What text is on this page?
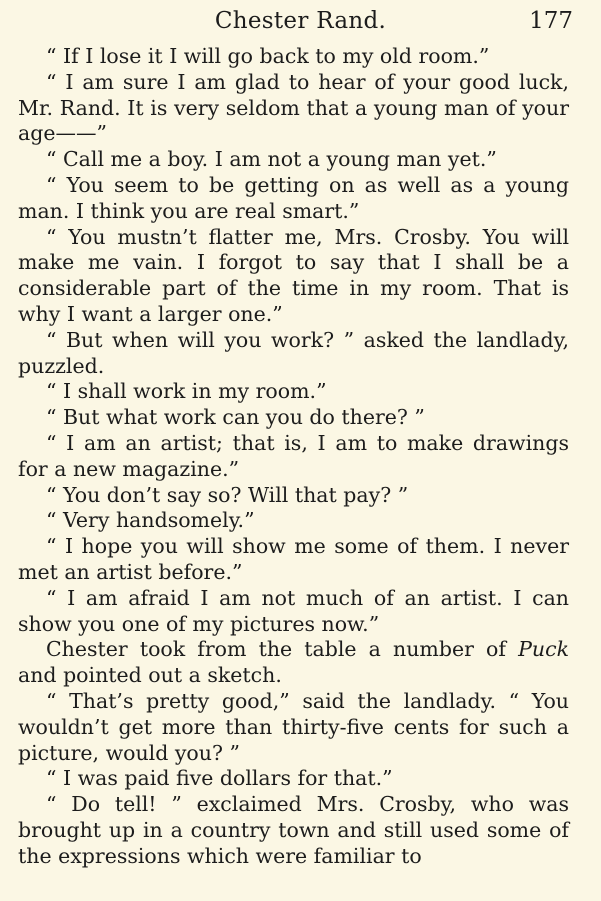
Chester Rand.	177

“ If I lose it I will go back to my old room.”

“ I am sure I am glad to hear of your good luck, Mr. Rand. It is very seldom that a young man of your age——”

“ Call me a boy. I am not a young man yet.”

“ You seem to be getting on as well as a young man. I think you are real smart.”

“ You mustn’t flatter me, Mrs. Crosby. You will make me vain. I forgot to say that I shall be a considerable part of the time in my room. That is why I want a larger one.”

“ But when will you work? ” asked the landlady, puzzled.

“ I shall work in my room.”

“ But what work can you do there? ”

“ I am an artist; that is, I am to make drawings for a new magazine.”

“ You don’t say so? Will that pay? ”

“ Very handsomely.”

“ I hope you will show me some of them. I never met an artist before.”

“ I am afraid I am not much of an artist. I can show you one of my pictures now.”

Chester took from the table a number of Puck and pointed out a sketch.

“ That’s pretty good,” said the landlady. “ You wouldn’t get more than thirty-five cents for such a picture, would you? ”

“ I was paid five dollars for that.”

“ Do tell! ” exclaimed Mrs. Crosby, who was brought up in a country town and still used some of the expressions which were familiar to
